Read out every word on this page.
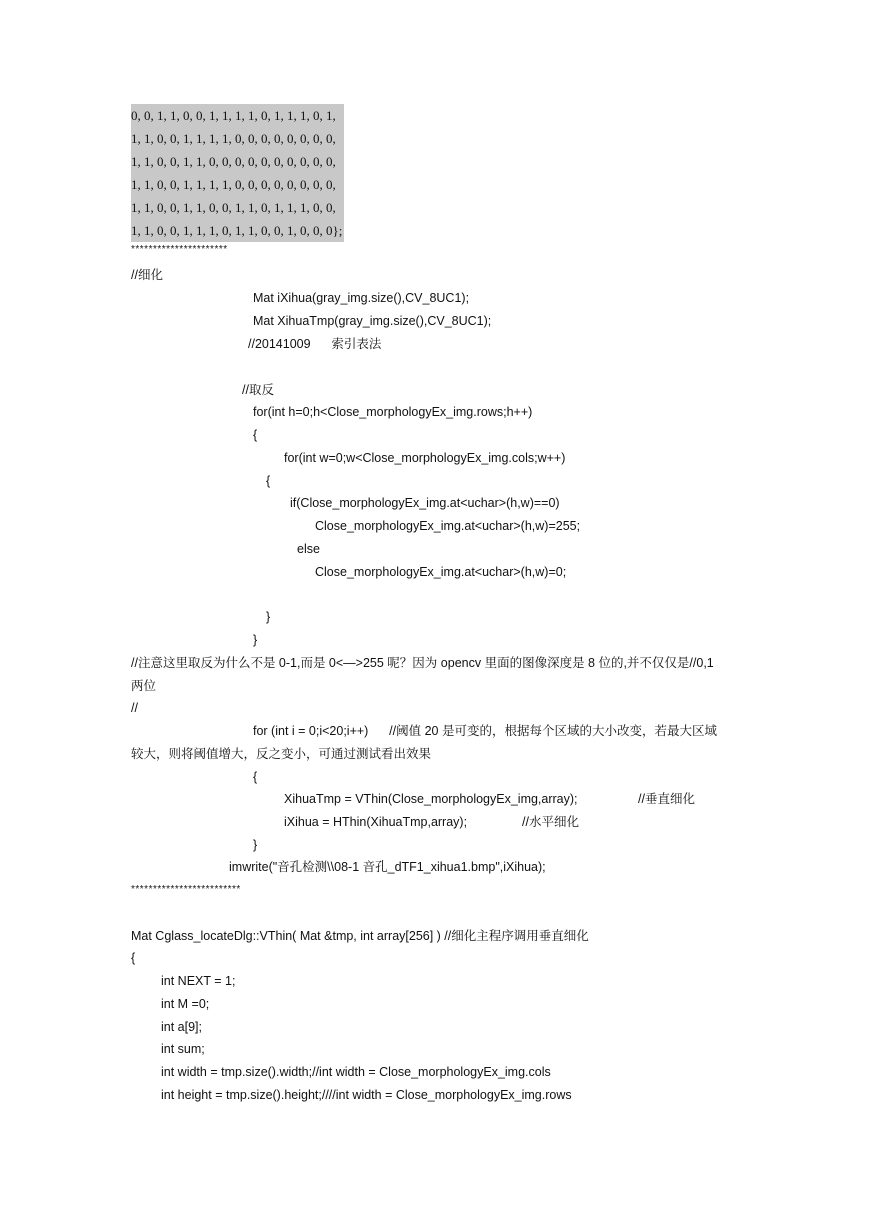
0, 0, 1, 1, 0, 0, 1, 1, 1, 1, 0, 1, 1, 1, 0, 1,
1, 1, 0, 0, 1, 1, 1, 1, 0, 0, 0, 0, 0, 0, 0, 0,
1, 1, 0, 0, 1, 1, 0, 0, 0, 0, 0, 0, 0, 0, 0, 0,
1, 1, 0, 0, 1, 1, 1, 1, 0, 0, 0, 0, 0, 0, 0, 0,
1, 1, 0, 0, 1, 1, 0, 0, 1, 1, 0, 1, 1, 1, 0, 0,
1, 1, 0, 0, 1, 1, 1, 0, 1, 1, 0, 0, 1, 0, 0, 0};
**********************
//细化
Mat iXihua(gray_img.size(),CV_8UC1);
Mat XihuaTmp(gray_img.size(),CV_8UC1);
//20141009      索引表法
//取反
for(int h=0;h<Close_morphologyEx_img.rows;h++)
{
for(int w=0;w<Close_morphologyEx_img.cols;w++)
{
if(Close_morphologyEx_img.at<uchar>(h,w)==0)
Close_morphologyEx_img.at<uchar>(h,w)=255;
else
Close_morphologyEx_img.at<uchar>(h,w)=0;
}
}
//注意这里取反为什么不是 0-1,而是 0<—>255 呢？因为 opencv 里面的图像深度是 8 位的,并不仅仅是//0,1
两位
//
for (int i = 0;i<20;i++)      //阈值 20 是可变的，根据每个区域的大小改变，若最大区域
较大，则将阈值增大，反之变小，可通过测试看出效果
{
XihuaTmp = VThin(Close_morphologyEx_img,array);	//垂直细化
iXihua = HThin(XihuaTmp,array);	//水平细化
}
imwrite("音孔检测\\08-1 音孔_dTF1_xihua1.bmp",iXihua);
*************************
Mat Cglass_locateDlg::VThin( Mat &tmp, int array[256] ) //细化主程序调用垂直细化
{
int NEXT = 1;
int M =0;
int a[9];
int sum;
int width = tmp.size().width;//int width = Close_morphologyEx_img.cols
int height = tmp.size().height;////int width = Close_morphologyEx_img.rows
